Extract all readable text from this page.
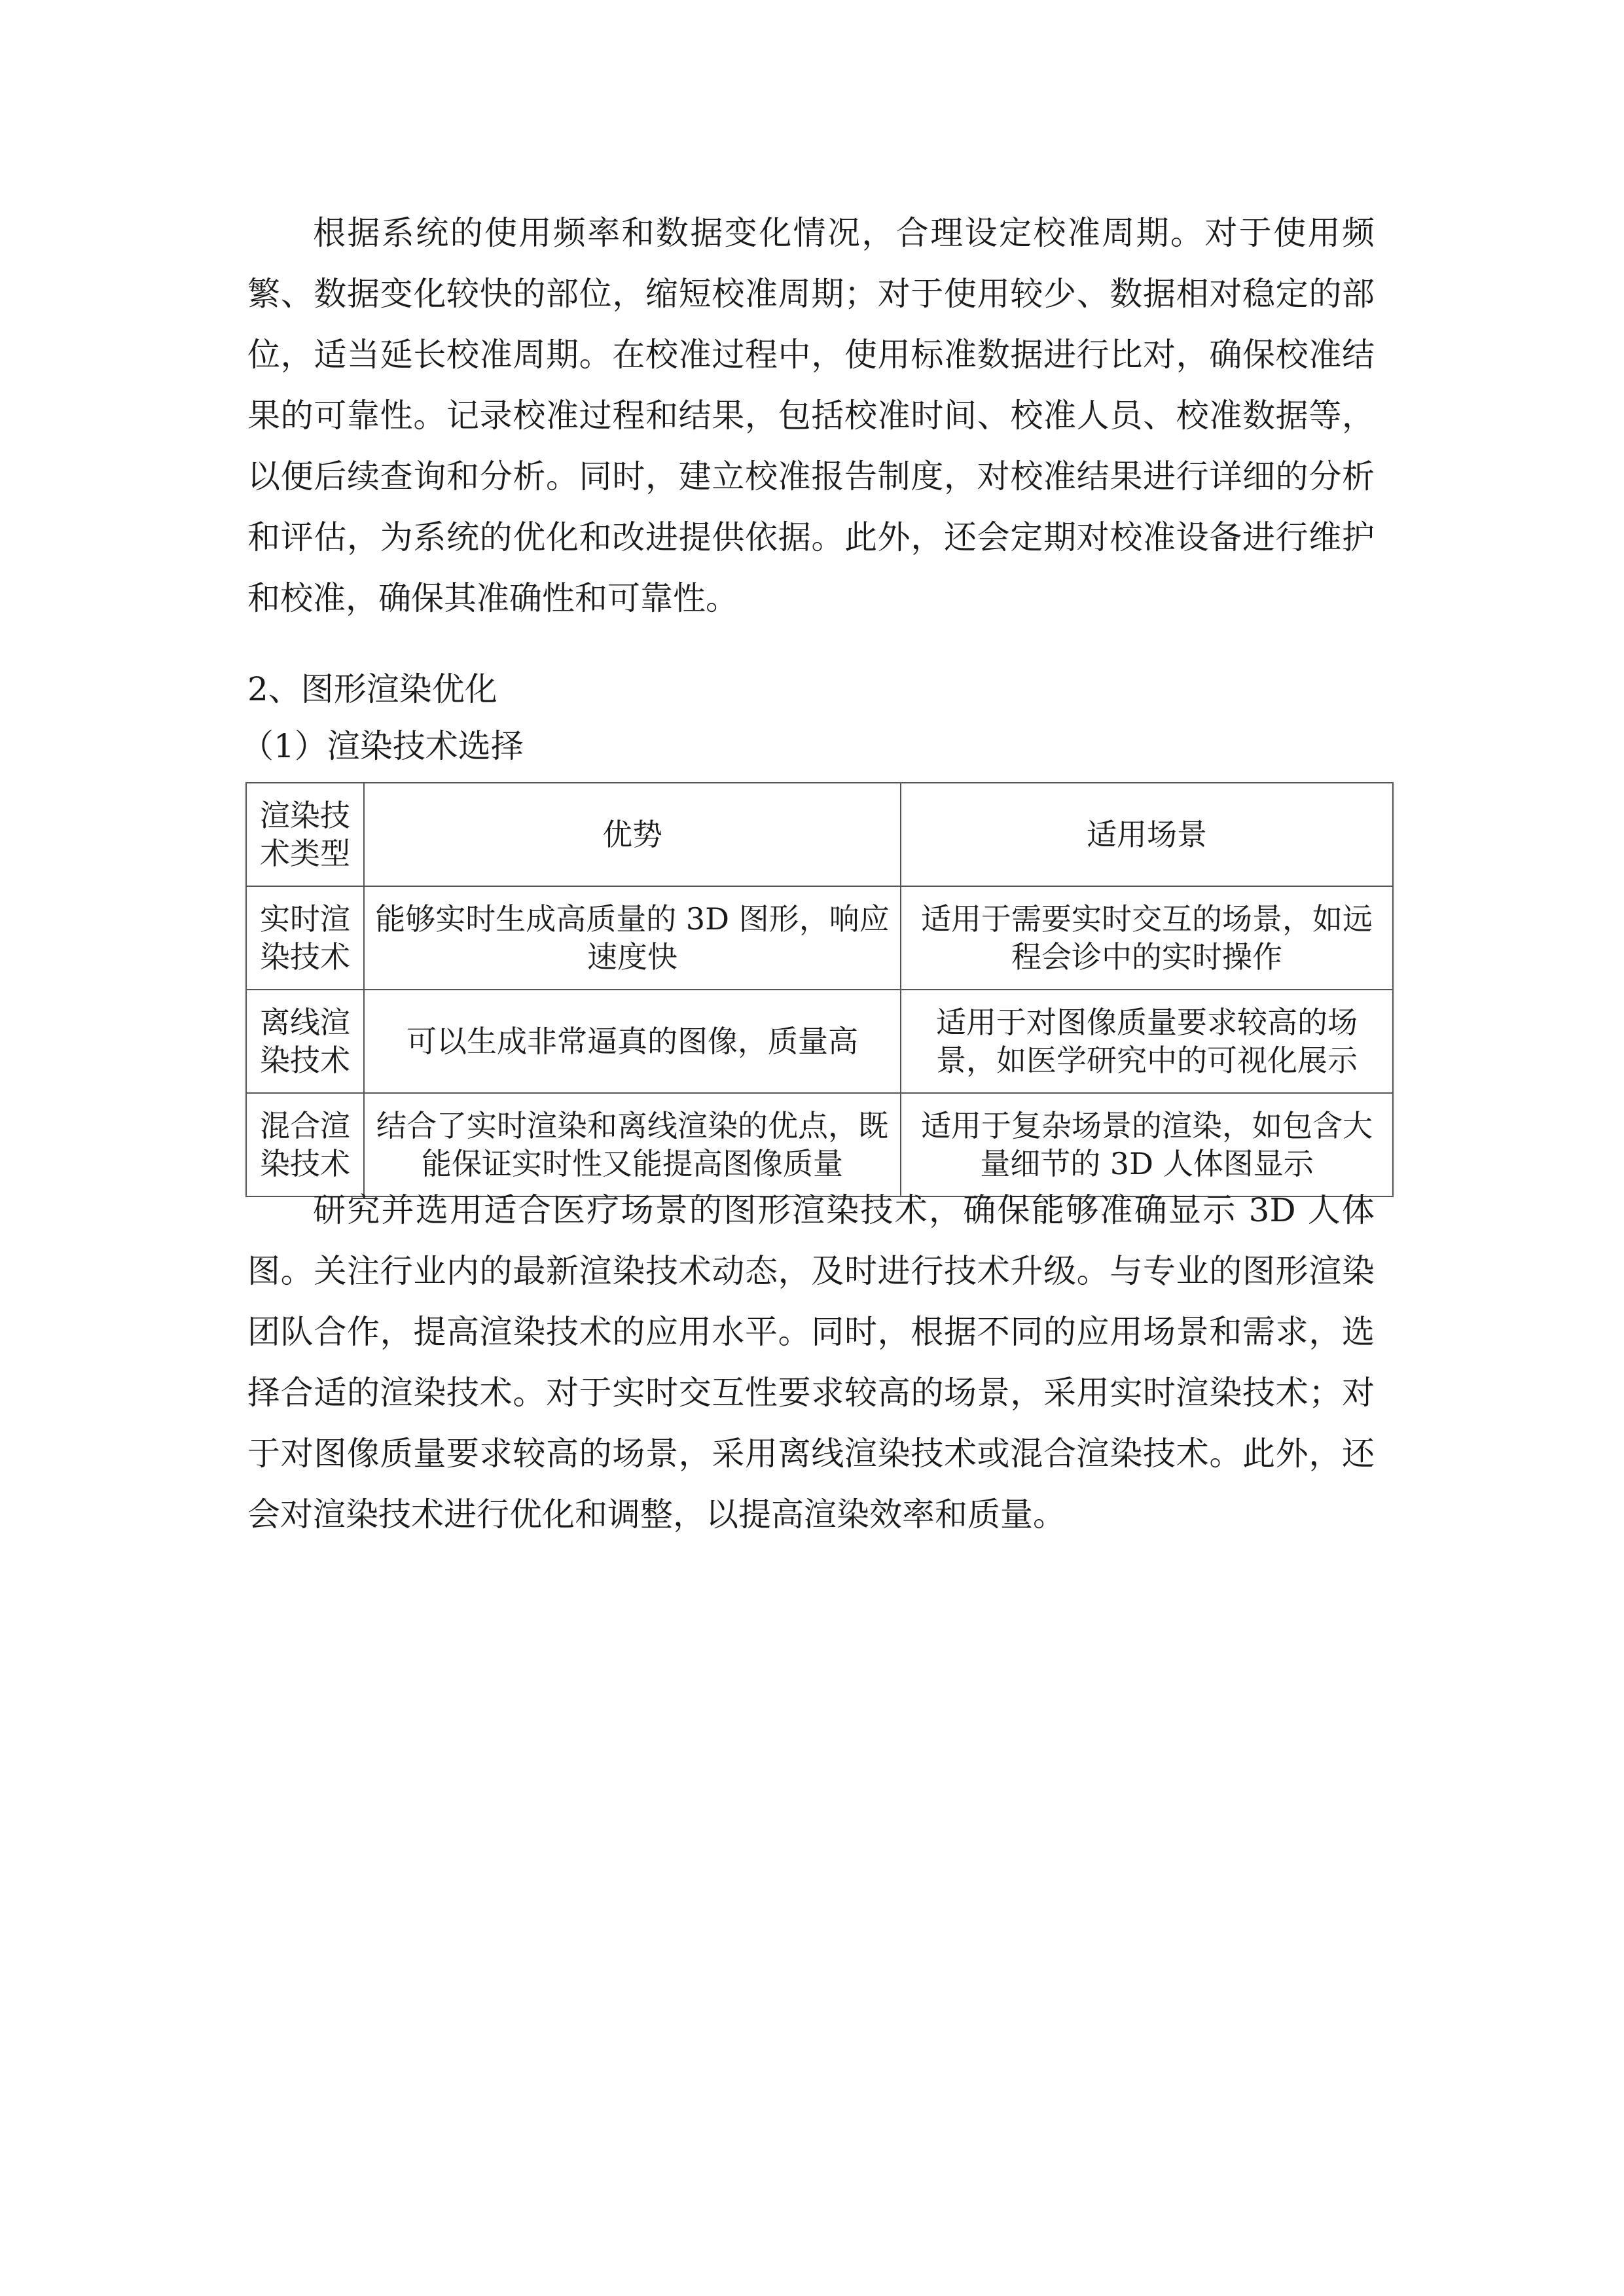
根据系统的使用频率和数据变化情况，合理设定校准周期。对于使用频繁、数据变化较快的部位，缩短校准周期；对于使用较少、数据相对稳定的部位，适当延长校准周期。在校准过程中，使用标准数据进行比对，确保校准结果的可靠性。记录校准过程和结果，包括校准时间、校准人员、校准数据等，以便后续查询和分析。同时，建立校准报告制度，对校准结果进行详细的分析和评估，为系统的优化和改进提供依据。此外，还会定期对校准设备进行维护和校准，确保其准确性和可靠性。

2、图形渲染优化
（1）渲染技术选择
渲染技术类型	优势	适用场景
实时渲染技术	能够实时生成高质量的 3D 图形，响应速度快	适用于需要实时交互的场景，如远程会诊中的实时操作
离线渲染技术	可以生成非常逼真的图像，质量高	适用于对图像质量要求较高的场景，如医学研究中的可视化展示
混合渲染技术	结合了实时渲染和离线渲染的优点，既能保证实时性又能提高图像质量	适用于复杂场景的渲染，如包含大量细节的 3D 人体图显示

研究并选用适合医疗场景的图形渲染技术，确保能够准确显示 3D 人体图。关注行业内的最新渲染技术动态，及时进行技术升级。与专业的图形渲染团队合作，提高渲染技术的应用水平。同时，根据不同的应用场景和需求，选择合适的渲染技术。对于实时交互性要求较高的场景，采用实时渲染技术；对于对图像质量要求较高的场景，采用离线渲染技术或混合渲染技术。此外，还会对渲染技术进行优化和调整，以提高渲染效率和质量。
